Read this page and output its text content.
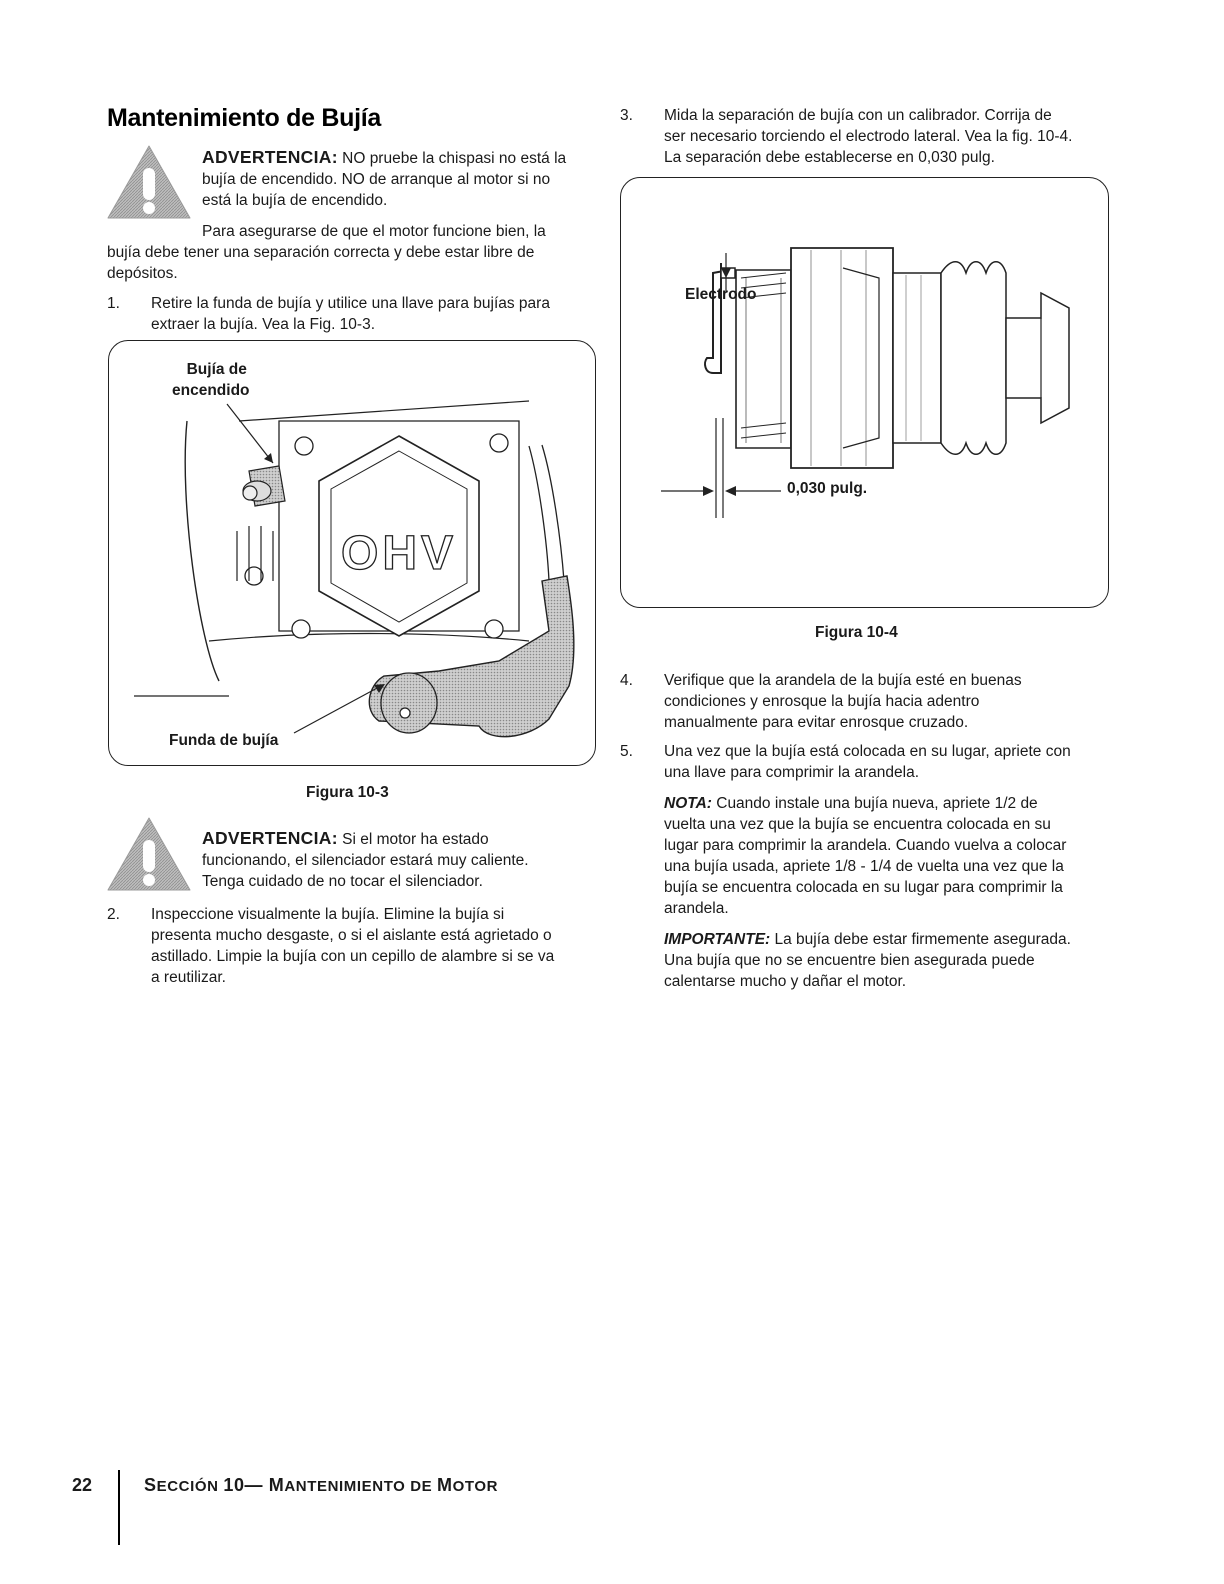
Mantenimiento de Bujía

ADVERTENCIA: NO pruebe la chispasi no está la

bujía de encendido. NO de arranque al motor si no

está la bujía de encendido.

Para asegurarse de que el motor funcione bien, la

bujía debe tener una separación correcta y debe estar libre de

depósitos.

1. Retire la funda de bujía y utilice una llave para bujías para
extraer la bujía. Vea la Fig. 10-3.
OHV
Bujía de
encendido
Funda de bujía
Figura 10-3

ADVERTENCIA: Si el motor ha estado

funcionando, el silenciador estará muy caliente.

Tenga cuidado de no tocar el silenciador.

2. Inspeccione visualmente la bujía. Elimine la bujía si
presenta mucho desgaste, o si el aislante está agrietado o
astillado. Limpie la bujía con un cepillo de alambre si se va
a reutilizar.
3. Mida la separación de bujía con un calibrador. Corrija de
ser necesario torciendo el electrodo lateral. Vea la fig. 10-4.
La separación debe establecerse en 0,030 pulg.
Electrodo
0,030 pulg.
Figura 10-4
4. Verifique que la arandela de la bujía esté en buenas
condiciones y enrosque la bujía hacia adentro
manualmente para evitar enrosque cruzado.
5. Una vez que la bujía está colocada en su lugar, apriete con
una llave para comprimir la arandela.

NOTA: Cuando instale una bujía nueva, apriete 1/2 de

vuelta una vez que la bujía se encuentra colocada en su

lugar para comprimir la arandela. Cuando vuelva a colocar

una bujía usada, apriete 1/8 - 1/4 de vuelta una vez que la

bujía se encuentra colocada en su lugar para comprimir la

arandela.

IMPORTANTE: La bujía debe estar firmemente asegurada.

Una bujía que no se encuentre bien asegurada puede

calentarse mucho y dañar el motor.

22	SECCIÓN 10— MANTENIMIENTO DE MOTOR
